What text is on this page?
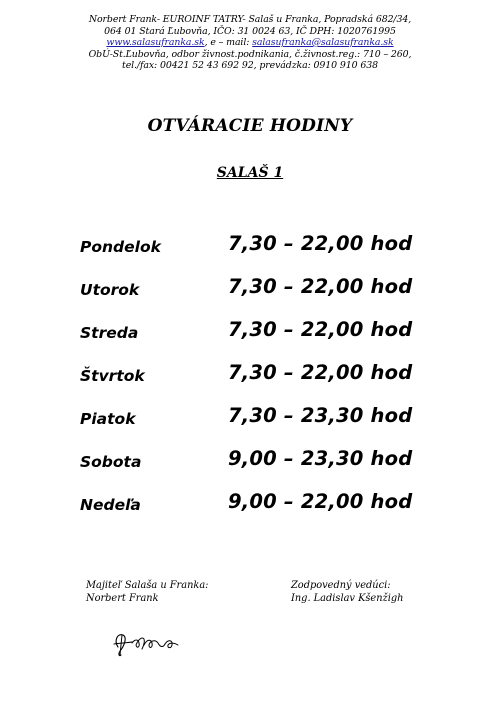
Norbert Frank- EUROINF TATRY- Salaš u Franka, Popradská 682/34,
064 01 Stará Ľubovňa, IČO: 31 0024 63, IČ DPH: 1020761995
www.salasufranka.sk, e – mail: salasufranka@salasufranka.sk
ObÚ-St.Ľubovňa, odbor živnost.podnikania, č.živnost.reg.: 710 – 260,
tel./fax: 00421 52 43 692 92, prevádzka: 0910 910 638
OTVÁRACIE HODINY
SALAŠ 1
Pondelok	7,30 – 22,00 hod
Utorok	7,30 – 22,00 hod
Streda	7,30 – 22,00 hod
Štvrtok	7,30 – 22,00 hod
Piatok	7,30 – 23,30 hod
Sobota	9,00 – 23,30 hod
Nedeľa	9,00 – 22,00 hod
Majiteľ Salaša u Franka:
Norbert Frank
Zodpovedný vedúci:
Ing. Ladislav Kšenžigh
